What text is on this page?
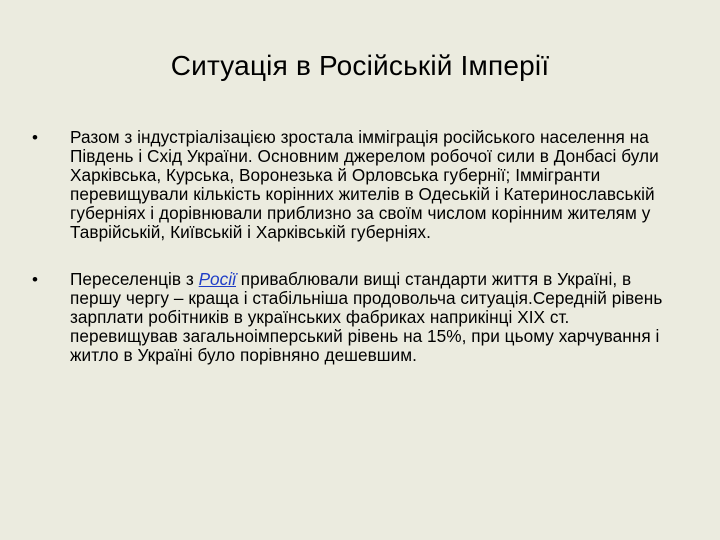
Ситуація в Російській Імперії
• Разом з індустріалізацією зростала імміграція російського населення на Південь і Схід України. Основним джерелом робочої сили в Донбасі були Харківська, Курська, Воронезька й Орловська губернії; Іммігранти перевищували кількість корінних жителів в Одеській і Катеринославській губерніях і дорівнювали приблизно за своїм числом корінним жителям у Таврійській, Київській і Харківській губерніях.
• Переселенців з Росії приваблювали вищі стандарти життя в Україні, в першу чергу – краща і стабільніша продовольча ситуація.Середній рівень зарплати робітників в українських фабриках наприкінці ХІХ ст. перевищував загальноімперський рівень на 15%, при цьому харчування і житло в Україні було порівняно дешевшим.
